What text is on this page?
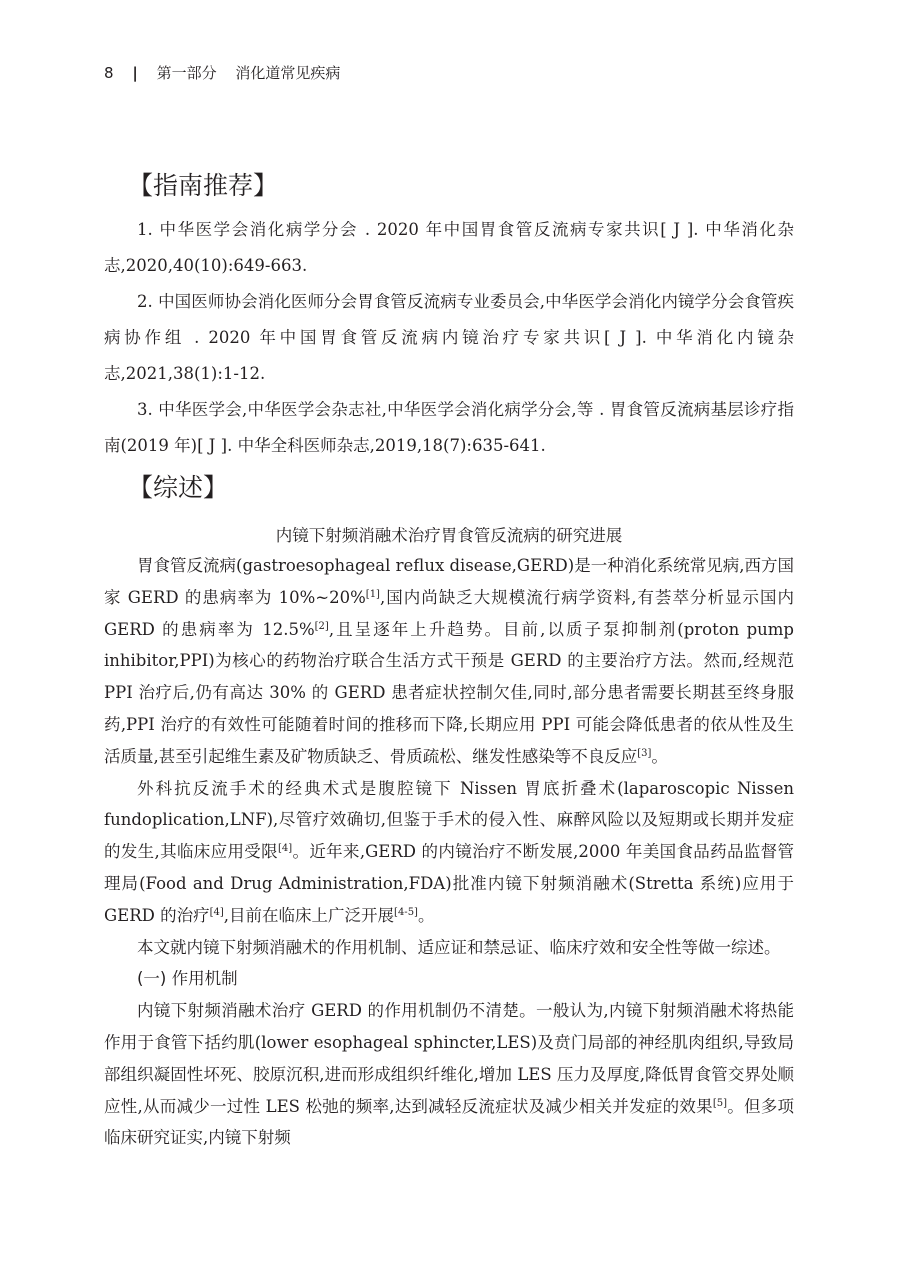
8 | 第一部分 消化道常见疾病
【指南推荐】

1. 中华医学会消化病学分会 . 2020 年中国胃食管反流病专家共识[ J ]. 中华消化杂志,2020,40(10):649-663.

2. 中国医师协会消化医师分会胃食管反流病专业委员会,中华医学会消化内镜学分会食管疾病协作组 . 2020 年中国胃食管反流病内镜治疗专家共识[ J ]. 中华消化内镜杂志,2021,38(1):1-12.

3. 中华医学会,中华医学会杂志社,中华医学会消化病学分会,等 . 胃食管反流病基层诊疗指南(2019 年)[ J ]. 中华全科医师杂志,2019,18(7):635-641.

【综述】
内镜下射频消融术治疗胃食管反流病的研究进展

胃食管反流病(gastroesophageal reflux disease,GERD)是一种消化系统常见病,西方国家 GERD 的患病率为 10%~20%[1],国内尚缺乏大规模流行病学资料,有荟萃分析显示国内 GERD 的患病率为 12.5%[2],且呈逐年上升趋势。目前,以质子泵抑制剂(proton pump inhibitor,PPI)为核心的药物治疗联合生活方式干预是 GERD 的主要治疗方法。然而,经规范 PPI 治疗后,仍有高达 30% 的 GERD 患者症状控制欠佳,同时,部分患者需要长期甚至终身服药,PPI 治疗的有效性可能随着时间的推移而下降,长期应用 PPI 可能会降低患者的依从性及生活质量,甚至引起维生素及矿物质缺乏、骨质疏松、继发性感染等不良反应[3]。

外科抗反流手术的经典术式是腹腔镜下 Nissen 胃底折叠术(laparoscopic Nissen fundoplication,LNF),尽管疗效确切,但鉴于手术的侵入性、麻醉风险以及短期或长期并发症的发生,其临床应用受限[4]。近年来,GERD 的内镜治疗不断发展,2000 年美国食品药品监督管理局(Food and Drug Administration,FDA)批准内镜下射频消融术(Stretta 系统)应用于 GERD 的治疗[4],目前在临床上广泛开展[4-5]。

本文就内镜下射频消融术的作用机制、适应证和禁忌证、临床疗效和安全性等做一综述。

(一) 作用机制

内镜下射频消融术治疗 GERD 的作用机制仍不清楚。一般认为,内镜下射频消融术将热能作用于食管下括约肌(lower esophageal sphincter,LES)及贲门局部的神经肌肉组织,导致局部组织凝固性坏死、胶原沉积,进而形成组织纤维化,增加 LES 压力及厚度,降低胃食管交界处顺应性,从而减少一过性 LES 松弛的频率,达到减轻反流症状及减少相关并发症的效果[5]。但多项临床研究证实,内镜下射频
